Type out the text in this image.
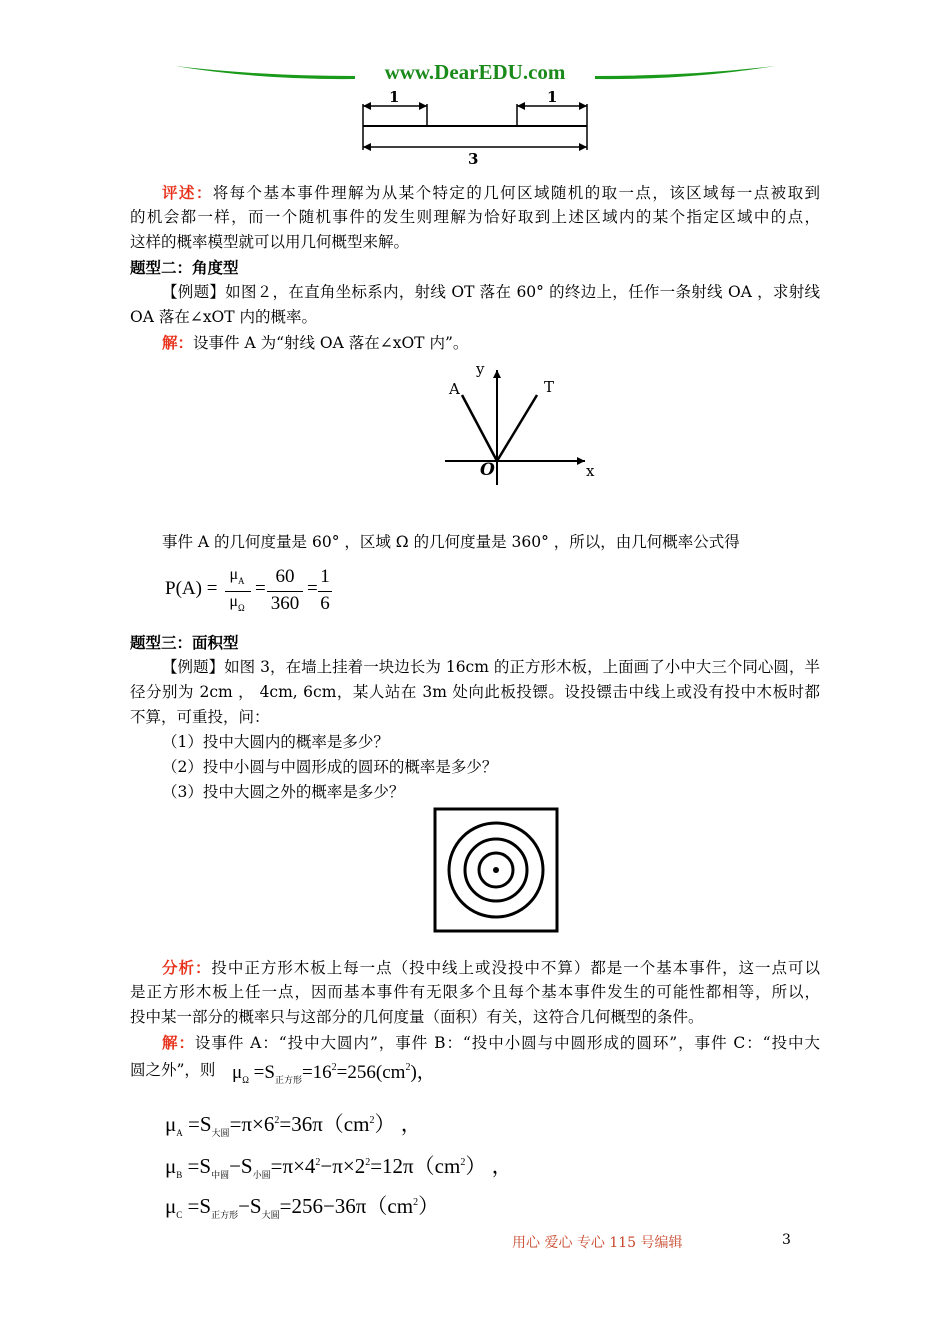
www.DearEDU.com
1	1
3
评述：将每个基本事件理解为从某个特定的几何区域随机的取一点，该区域每一点被取到
的机会都一样，而一个随机事件的发生则理解为恰好取到上述区域内的某个指定区域中的点，
这样的概率模型就可以用几何概型来解。
题型二：角度型
【例题】如图２，在直角坐标系内，射线 OT 落在 60° 的终边上，任作一条射线 OA ，求射线
OA 落在∠xOT 内的概率。
解：设事件 A 为“射线 OA 落在∠xOT 内”。
y
x
A	T
O
事件 A 的几何度量是 60° ，区域 Ω 的几何度量是 360° ，所以，由几何概率公式得
P(A) =
$\mu_A$
$\mu_\Omega$
=
60
360
=
1
6
题型三：面积型
【例题】如图 3，在墙上挂着一块边长为 16cm 的正方形木板，上面画了小中大三个同心圆，半
径分别为 2cm ， 4cm, 6cm，某人站在 3m 处向此板投镖。设投镖击中线上或没有投中木板时都
不算，可重投，问：
（1）投中大圆内的概率是多少？
（2）投中小圆与中圆形成的圆环的概率是多少？
（3）投中大圆之外的概率是多少？
分析：投中正方形木板上每一点（投中线上或没投中不算）都是一个基本事件，这一点可以
是正方形木板上任一点，因而基本事件有无限多个且每个基本事件发生的可能性都相等，所以，
投中某一部分的概率只与这部分的几何度量（面积）有关，这符合几何概型的条件。
解：设事件 A：“投中大圆内”，事件 B：“投中小圆与中圆形成的圆环”，事件 C：“投中大
圆之外”，则 $\mu_\Omega =S_{正方形}=16^2=256(cm^2)$，
$\mu_A =S_{大圆}=\pi\times 6^2=36\pi(cm^2)$ ，
$\mu_B =S_{中圆}-S_{小圆}=\pi\times 4^2-\pi\times 2^2=12\pi(cm^2)$ ，
$\mu_C =S_{正方形}-S_{大圆}=256-36\pi(cm^2)$
用心 爱心 专心 115 号编辑	3
